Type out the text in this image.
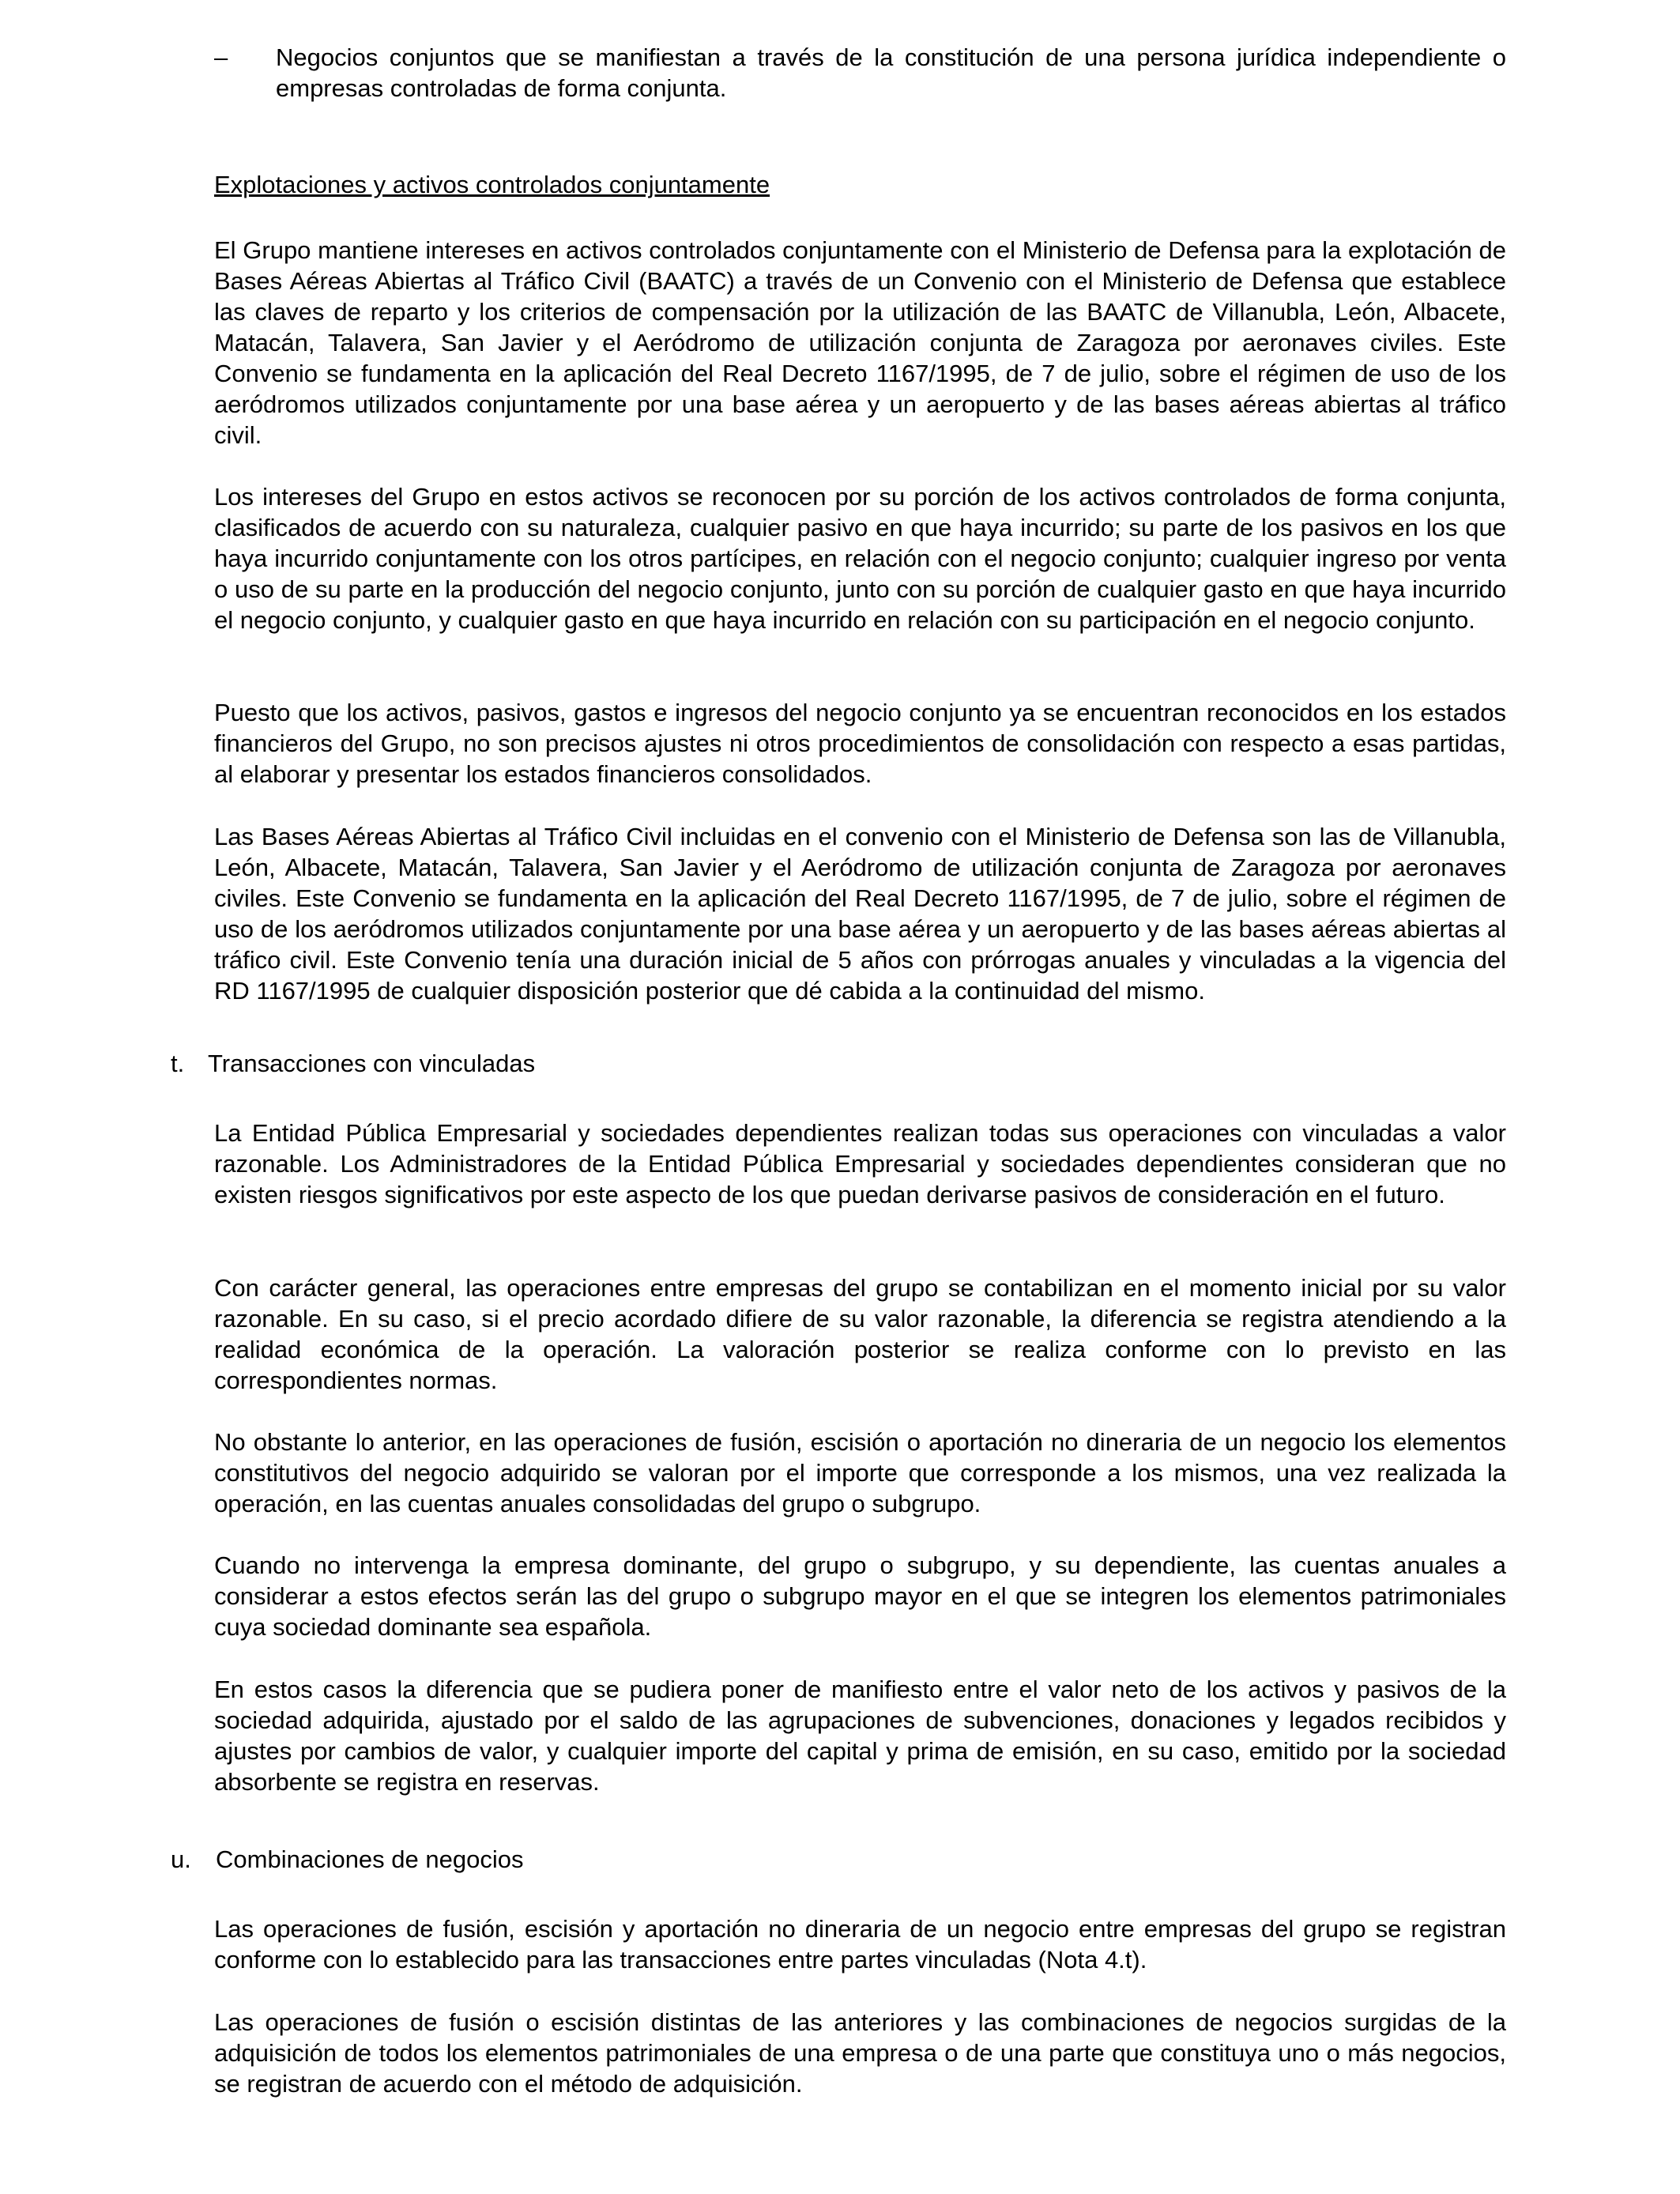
–	Negocios conjuntos que se manifiestan a través de la constitución de una persona jurídica independiente o empresas controladas de forma conjunta.

Explotaciones y activos controlados conjuntamente

El Grupo mantiene intereses en activos controlados conjuntamente con el Ministerio de Defensa para la explotación de Bases Aéreas Abiertas al Tráfico Civil (BAATC) a través de un Convenio con el Ministerio de Defensa que establece las claves de reparto y los criterios de compensación por la utilización de las BAATC de Villanubla, León, Albacete, Matacán, Talavera, San Javier y el Aeródromo de utilización conjunta de Zaragoza por aeronaves civiles. Este Convenio se fundamenta en la aplicación del Real Decreto 1167/1995, de 7 de julio, sobre el régimen de uso de los aeródromos utilizados conjuntamente por una base aérea y un aeropuerto y de las bases aéreas abiertas al tráfico civil.

Los intereses del Grupo en estos activos se reconocen por su porción de los activos controlados de forma conjunta, clasificados de acuerdo con su naturaleza, cualquier pasivo en que haya incurrido; su parte de los pasivos en los que haya incurrido conjuntamente con los otros partícipes, en relación con el negocio conjunto; cualquier ingreso por venta o uso de su parte en la producción del negocio conjunto, junto con su porción de cualquier gasto en que haya incurrido el negocio conjunto, y cualquier gasto en que haya incurrido en relación con su participación en el negocio conjunto.

Puesto que los activos, pasivos, gastos e ingresos del negocio conjunto ya se encuentran reconocidos en los estados financieros del Grupo, no son precisos ajustes ni otros procedimientos de consolidación con respecto a esas partidas, al elaborar y presentar los estados financieros consolidados.

Las Bases Aéreas Abiertas al Tráfico Civil incluidas en el convenio con el Ministerio de Defensa son las de Villanubla, León, Albacete, Matacán, Talavera, San Javier y el Aeródromo de utilización conjunta de Zaragoza por aeronaves civiles. Este Convenio se fundamenta en la aplicación del Real Decreto 1167/1995, de 7 de julio, sobre el régimen de uso de los aeródromos utilizados conjuntamente por una base aérea y un aeropuerto y de las bases aéreas abiertas al tráfico civil. Este Convenio tenía una duración inicial de 5 años con prórrogas anuales y vinculadas a la vigencia del RD 1167/1995 de cualquier disposición posterior que dé cabida a la continuidad del mismo.

t. Transacciones con vinculadas

La Entidad Pública Empresarial y sociedades dependientes realizan todas sus operaciones con vinculadas a valor razonable. Los Administradores de la Entidad Pública Empresarial y sociedades dependientes consideran que no existen riesgos significativos por este aspecto de los que puedan derivarse pasivos de consideración en el futuro.

Con carácter general, las operaciones entre empresas del grupo se contabilizan en el momento inicial por su valor razonable. En su caso, si el precio acordado difiere de su valor razonable, la diferencia se registra atendiendo a la realidad económica de la operación. La valoración posterior se realiza conforme con lo previsto en las correspondientes normas.

No obstante lo anterior, en las operaciones de fusión, escisión o aportación no dineraria de un negocio los elementos constitutivos del negocio adquirido se valoran por el importe que corresponde a los mismos, una vez realizada la operación, en las cuentas anuales consolidadas del grupo o subgrupo.

Cuando no intervenga la empresa dominante, del grupo o subgrupo, y su dependiente, las cuentas anuales a considerar a estos efectos serán las del grupo o subgrupo mayor en el que se integren los elementos patrimoniales cuya sociedad dominante sea española.

En estos casos la diferencia que se pudiera poner de manifiesto entre el valor neto de los activos y pasivos de la sociedad adquirida, ajustado por el saldo de las agrupaciones de subvenciones, donaciones y legados recibidos y ajustes por cambios de valor, y cualquier importe del capital y prima de emisión, en su caso, emitido por la sociedad absorbente se registra en reservas.

u. Combinaciones de negocios

Las operaciones de fusión, escisión y aportación no dineraria de un negocio entre empresas del grupo se registran conforme con lo establecido para las transacciones entre partes vinculadas (Nota 4.t).

Las operaciones de fusión o escisión distintas de las anteriores y las combinaciones de negocios surgidas de la adquisición de todos los elementos patrimoniales de una empresa o de una parte que constituya uno o más negocios, se registran de acuerdo con el método de adquisición.
